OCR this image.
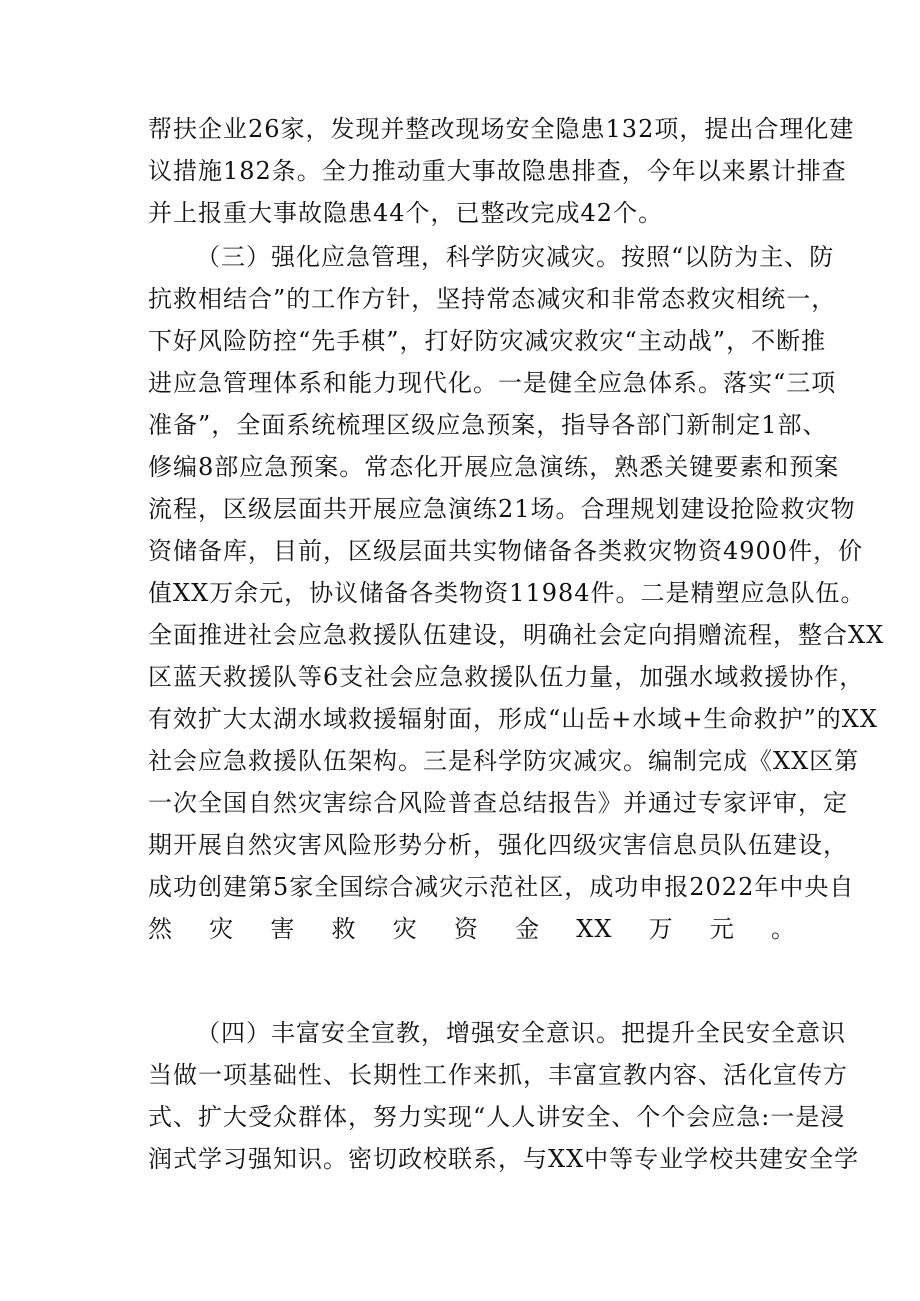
帮扶企业26家，发现并整改现场安全隐患132项，提出合理化建
议措施182条。全力推动重大事故隐患排查，今年以来累计排查
并上报重大事故隐患44个，已整改完成42个。
（三）强化应急管理，科学防灾减灾。按照“以防为主、防
抗救相结合”的工作方针，坚持常态减灾和非常态救灾相统一，
下好风险防控“先手棋”，打好防灾减灾救灾“主动战”，不断推
进应急管理体系和能力现代化。一是健全应急体系。落实“三项
准备”，全面系统梳理区级应急预案，指导各部门新制定1部、
修编8部应急预案。常态化开展应急演练，熟悉关键要素和预案
流程，区级层面共开展应急演练21场。合理规划建设抢险救灾物
资储备库，目前，区级层面共实物储备各类救灾物资4900件，价
值XX万余元，协议储备各类物资11984件。二是精塑应急队伍。
全面推进社会应急救援队伍建设，明确社会定向捐赠流程，整合XX
区蓝天救援队等6支社会应急救援队伍力量，加强水域救援协作，
有效扩大太湖水域救援辐射面，形成“山岳+水域+生命救护”的XX
社会应急救援队伍架构。三是科学防灾减灾。编制完成《XX区第
一次全国自然灾害综合风险普查总结报告》并通过专家评审，定
期开展自然灾害风险形势分析，强化四级灾害信息员队伍建设，
成功创建第5家全国综合减灾示范社区，成功申报2022年中央自
然灾害救灾资金XX万元。
（四）丰富安全宣教，增强安全意识。把提升全民安全意识
当做一项基础性、长期性工作来抓，丰富宣教内容、活化宣传方
式、扩大受众群体，努力实现“人人讲安全、个个会应急:一是浸
润式学习强知识。密切政校联系，与XX中等专业学校共建安全学
